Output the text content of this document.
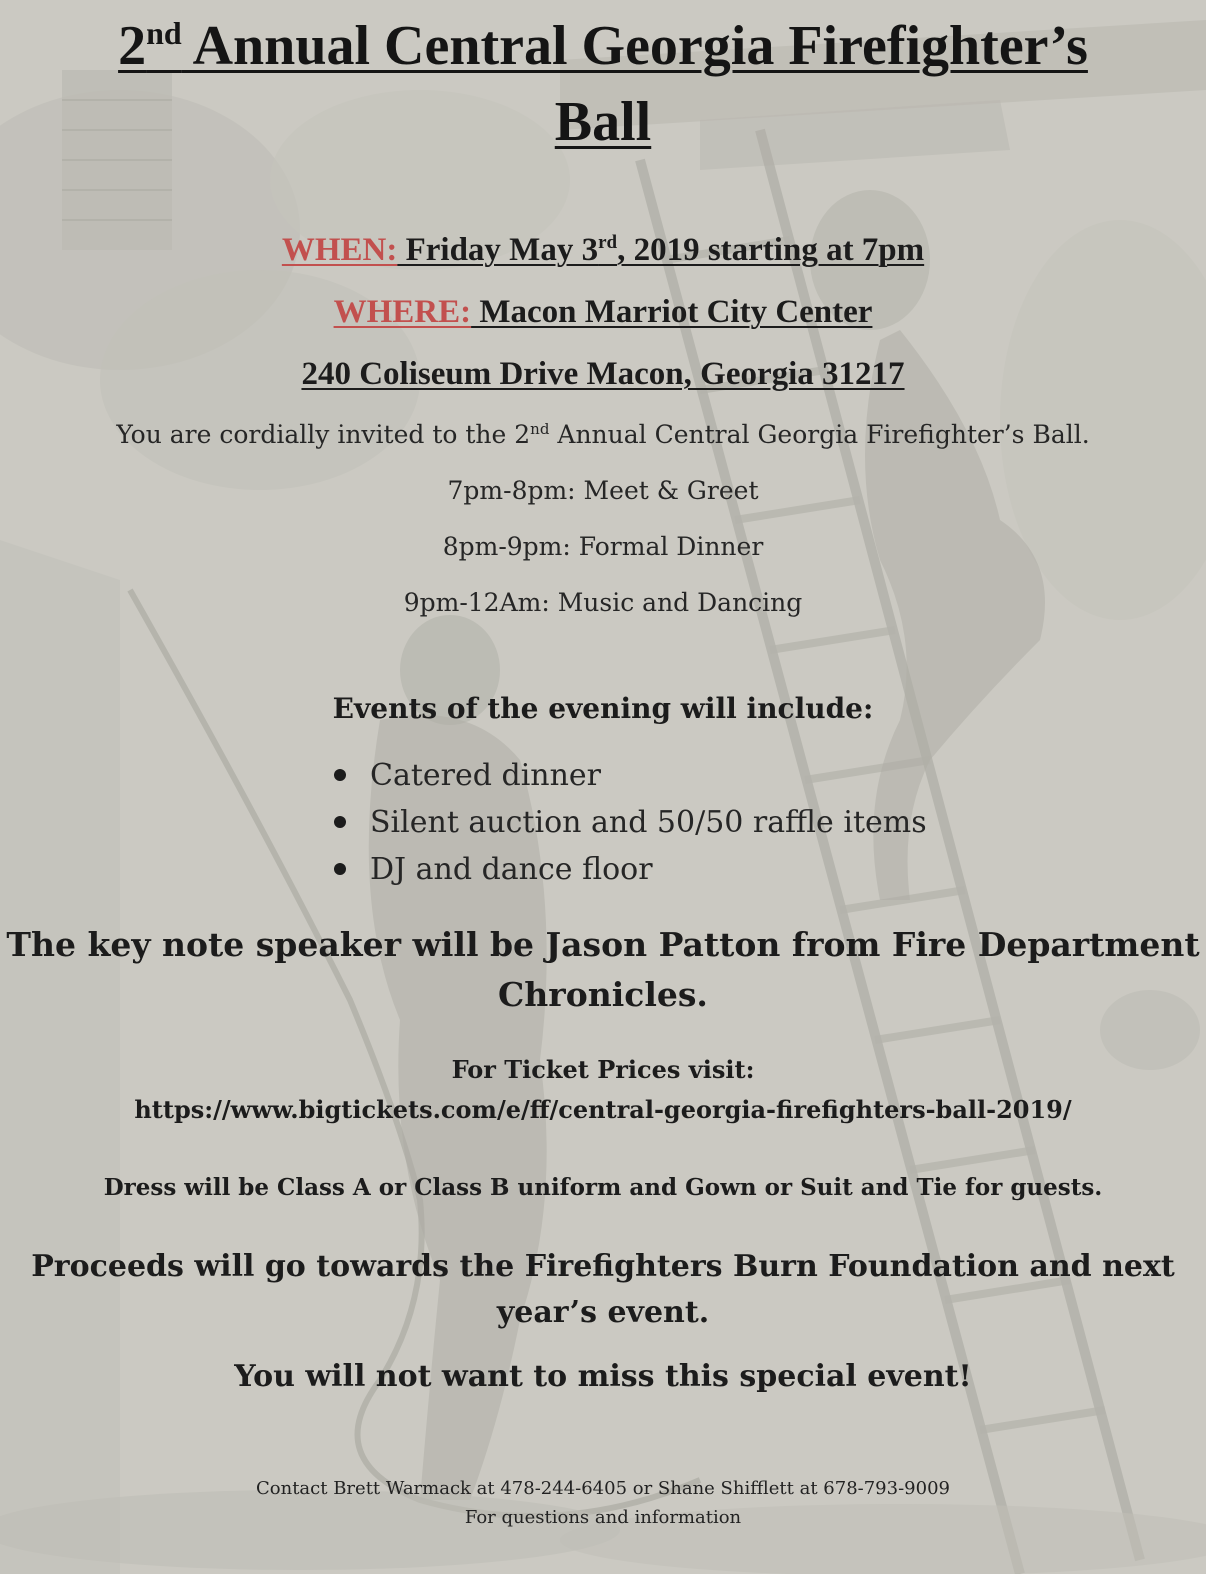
2nd Annual Central Georgia Firefighter’s
Ball
WHEN: Friday May 3rd, 2019 starting at 7pm
WHERE: Macon Marriot City Center
240 Coliseum Drive Macon, Georgia 31217
You are cordially invited to the 2nd Annual Central Georgia Firefighter’s Ball.
7pm-8pm: Meet & Greet
8pm-9pm: Formal Dinner
9pm-12Am: Music and Dancing
Events of the evening will include:
Catered dinner
Silent auction and 50/50 raffle items
DJ and dance floor
The key note speaker will be Jason Patton from Fire Department
Chronicles.
For Ticket Prices visit:
https://www.bigtickets.com/e/ff/central-georgia-firefighters-ball-2019/
Dress will be Class A or Class B uniform and Gown or Suit and Tie for guests.
Proceeds will go towards the Firefighters Burn Foundation and next
year’s event.
You will not want to miss this special event!
Contact Brett Warmack at 478-244-6405 or Shane Shifflett at 678-793-9009
For questions and information
